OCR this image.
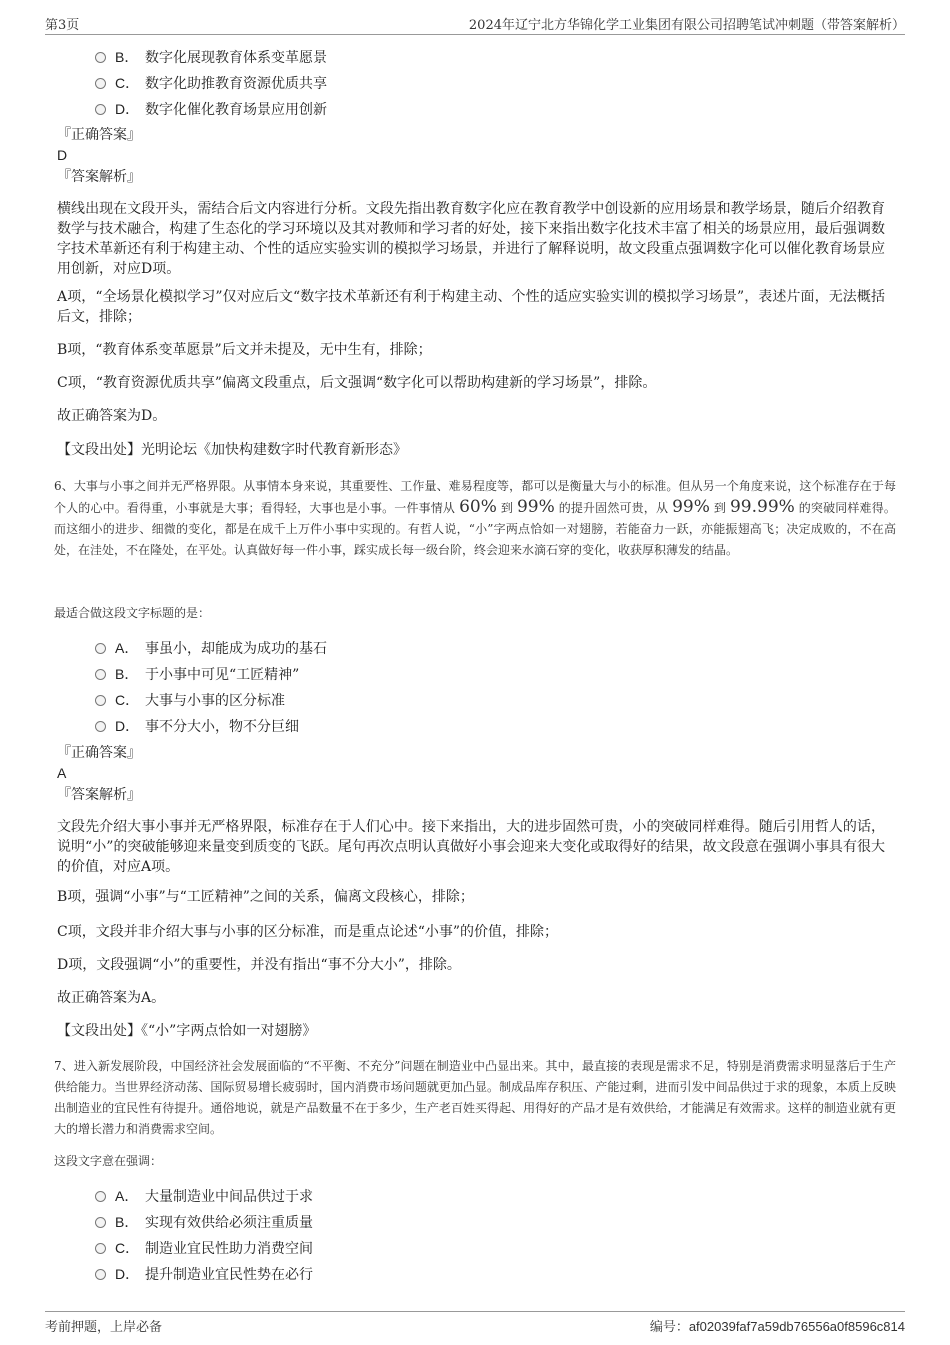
第3页	2024年辽宁北方华锦化学工业集团有限公司招聘笔试冲刺题（带答案解析）
B． 数字化展现教育体系变革愿景
C． 数字化助推教育资源优质共享
D． 数字化催化教育场景应用创新
『正确答案』
D
『答案解析』
横线出现在文段开头，需结合后文内容进行分析。文段先指出教育数字化应在教育教学中创设新的应用场景和教学场景，随后介绍教育数学与技术融合，构建了生态化的学习环境以及其对教师和学习者的好处，接下来指出数字化技术丰富了相关的场景应用，最后强调数字技术革新还有利于构建主动、个性的适应实验实训的模拟学习场景，并进行了解释说明，故文段重点强调数字化可以催化教育场景应用创新，对应D项。
A项，“全场景化模拟学习”仅对应后文“数字技术革新还有利于构建主动、个性的适应实验实训的模拟学习场景”，表述片面，无法概括后文，排除；
B项，“教育体系变革愿景”后文并未提及，无中生有，排除；
C项，“教育资源优质共享”偏离文段重点，后文强调“数字化可以帮助构建新的学习场景”，排除。
故正确答案为D。
【文段出处】光明论坛《加快构建数字时代教育新形态》
6、大事与小事之间并无严格界限。从事情本身来说，其重要性、工作量、难易程度等，都可以是衡量大与小的标准。但从另一个角度来说，这个标准存在于每个人的心中。看得重，小事就是大事；看得轻，大事也是小事。一件事情从 60% 到 99% 的提升固然可贵，从 99% 到 99.99% 的突破同样难得。而这细小的进步、细微的变化，都是在成千上万件小事中实现的。有哲人说，“小”字两点恰如一对翅膀，若能奋力一跃，亦能振翅高飞；决定成败的，不在高处，在洼处，不在隆处，在平处。认真做好每一件小事，踩实成长每一级台阶，终会迎来水滴石穿的变化，收获厚积薄发的结晶。
最适合做这段文字标题的是：
A． 事虽小，却能成为成功的基石
B． 于小事中可见“工匠精神”
C． 大事与小事的区分标准
D． 事不分大小，物不分巨细
『正确答案』
A
『答案解析』
文段先介绍大事小事并无严格界限，标准存在于人们心中。接下来指出，大的进步固然可贵，小的突破同样难得。随后引用哲人的话，说明“小”的突破能够迎来量变到质变的飞跃。尾句再次点明认真做好小事会迎来大变化或取得好的结果，故文段意在强调小事具有很大的价值，对应A项。
B项，强调“小事”与“工匠精神”之间的关系，偏离文段核心，排除；
C项，文段并非介绍大事与小事的区分标准，而是重点论述“小事”的价值，排除；
D项，文段强调“小”的重要性，并没有指出“事不分大小”，排除。
故正确答案为A。
【文段出处】《“小”字两点恰如一对翅膀》
7、进入新发展阶段，中国经济社会发展面临的“不平衡、不充分”问题在制造业中凸显出来。其中，最直接的表现是需求不足，特别是消费需求明显落后于生产供给能力。当世界经济动荡、国际贸易增长疲弱时，国内消费市场问题就更加凸显。制成品库存积压、产能过剩，进而引发中间品供过于求的现象，本质上反映出制造业的宜民性有待提升。通俗地说，就是产品数量不在于多少，生产老百姓买得起、用得好的产品才是有效供给，才能满足有效需求。这样的制造业就有更大的增长潜力和消费需求空间。
这段文字意在强调：
A． 大量制造业中间品供过于求
B． 实现有效供给必须注重质量
C． 制造业宜民性助力消费空间
D． 提升制造业宜民性势在必行
考前押题，上岸必备	编号：af02039faf7a59db76556a0f8596c814
